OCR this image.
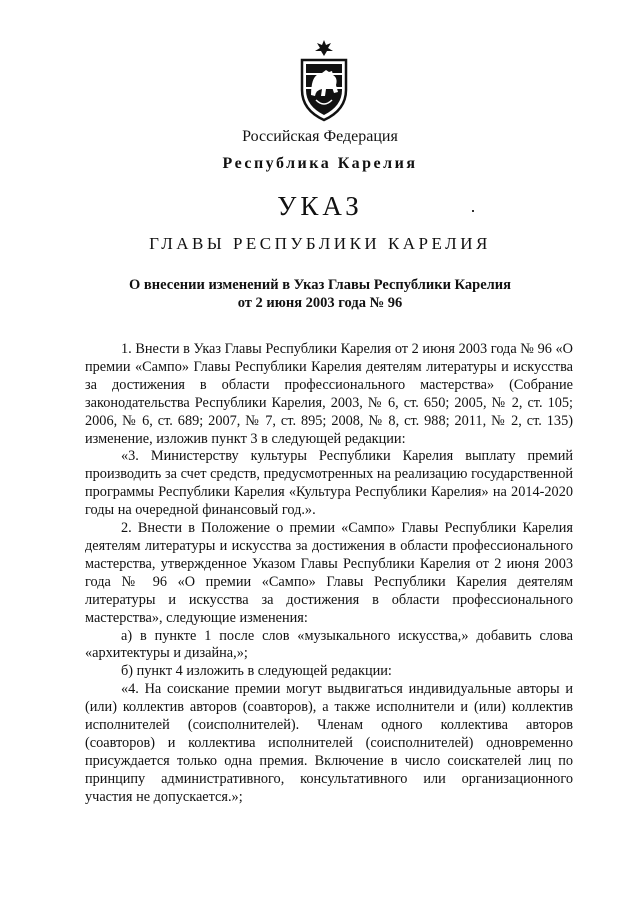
Российская Федерация
Республика Карелия
УКАЗ
ГЛАВЫ РЕСПУБЛИКИ КАРЕЛИЯ
О внесении изменений в Указ Главы Республики Карелия
от 2 июня 2003 года № 96

1. Внести в Указ Главы Республики Карелия от 2 июня 2003 года № 96 «О премии «Сампо» Главы Республики Карелия деятелям литературы и искусства за достижения в области профессионального мастерства» (Собрание законодательства Республики Карелия, 2003, № 6, ст. 650; 2005, № 2, ст. 105; 2006, № 6, ст. 689; 2007, № 7, ст. 895; 2008, № 8, ст. 988; 2011, № 2, ст. 135) изменение, изложив пункт 3 в следующей редакции:

«3. Министерству культуры Республики Карелия выплату премий производить за счет средств, предусмотренных на реализацию государственной программы Республики Карелия «Культура Республики Карелия» на 2014-2020 годы на очередной финансовый год.».

2. Внести в Положение о премии «Сампо» Главы Республики Карелия деятелям литературы и искусства за достижения в области профессионального мастерства, утвержденное Указом Главы Республики Карелия от 2 июня 2003 года № 96 «О премии «Сампо» Главы Республики Карелия деятелям литературы и искусства за достижения в области профессионального мастерства», следующие изменения:

а) в пункте 1 после слов «музыкального искусства,» добавить слова «архитектуры и дизайна,»;

б) пункт 4 изложить в следующей редакции:

«4. На соискание премии могут выдвигаться индивидуальные авторы и (или) коллектив авторов (соавторов), а также исполнители и (или) коллектив исполнителей (соисполнителей). Членам одного коллектива авторов (соавторов) и коллектива исполнителей (соисполнителей) одновременно присуждается только одна премия. Включение в число соискателей лиц по принципу административного, консультативного или организационного участия не допускается.»;
